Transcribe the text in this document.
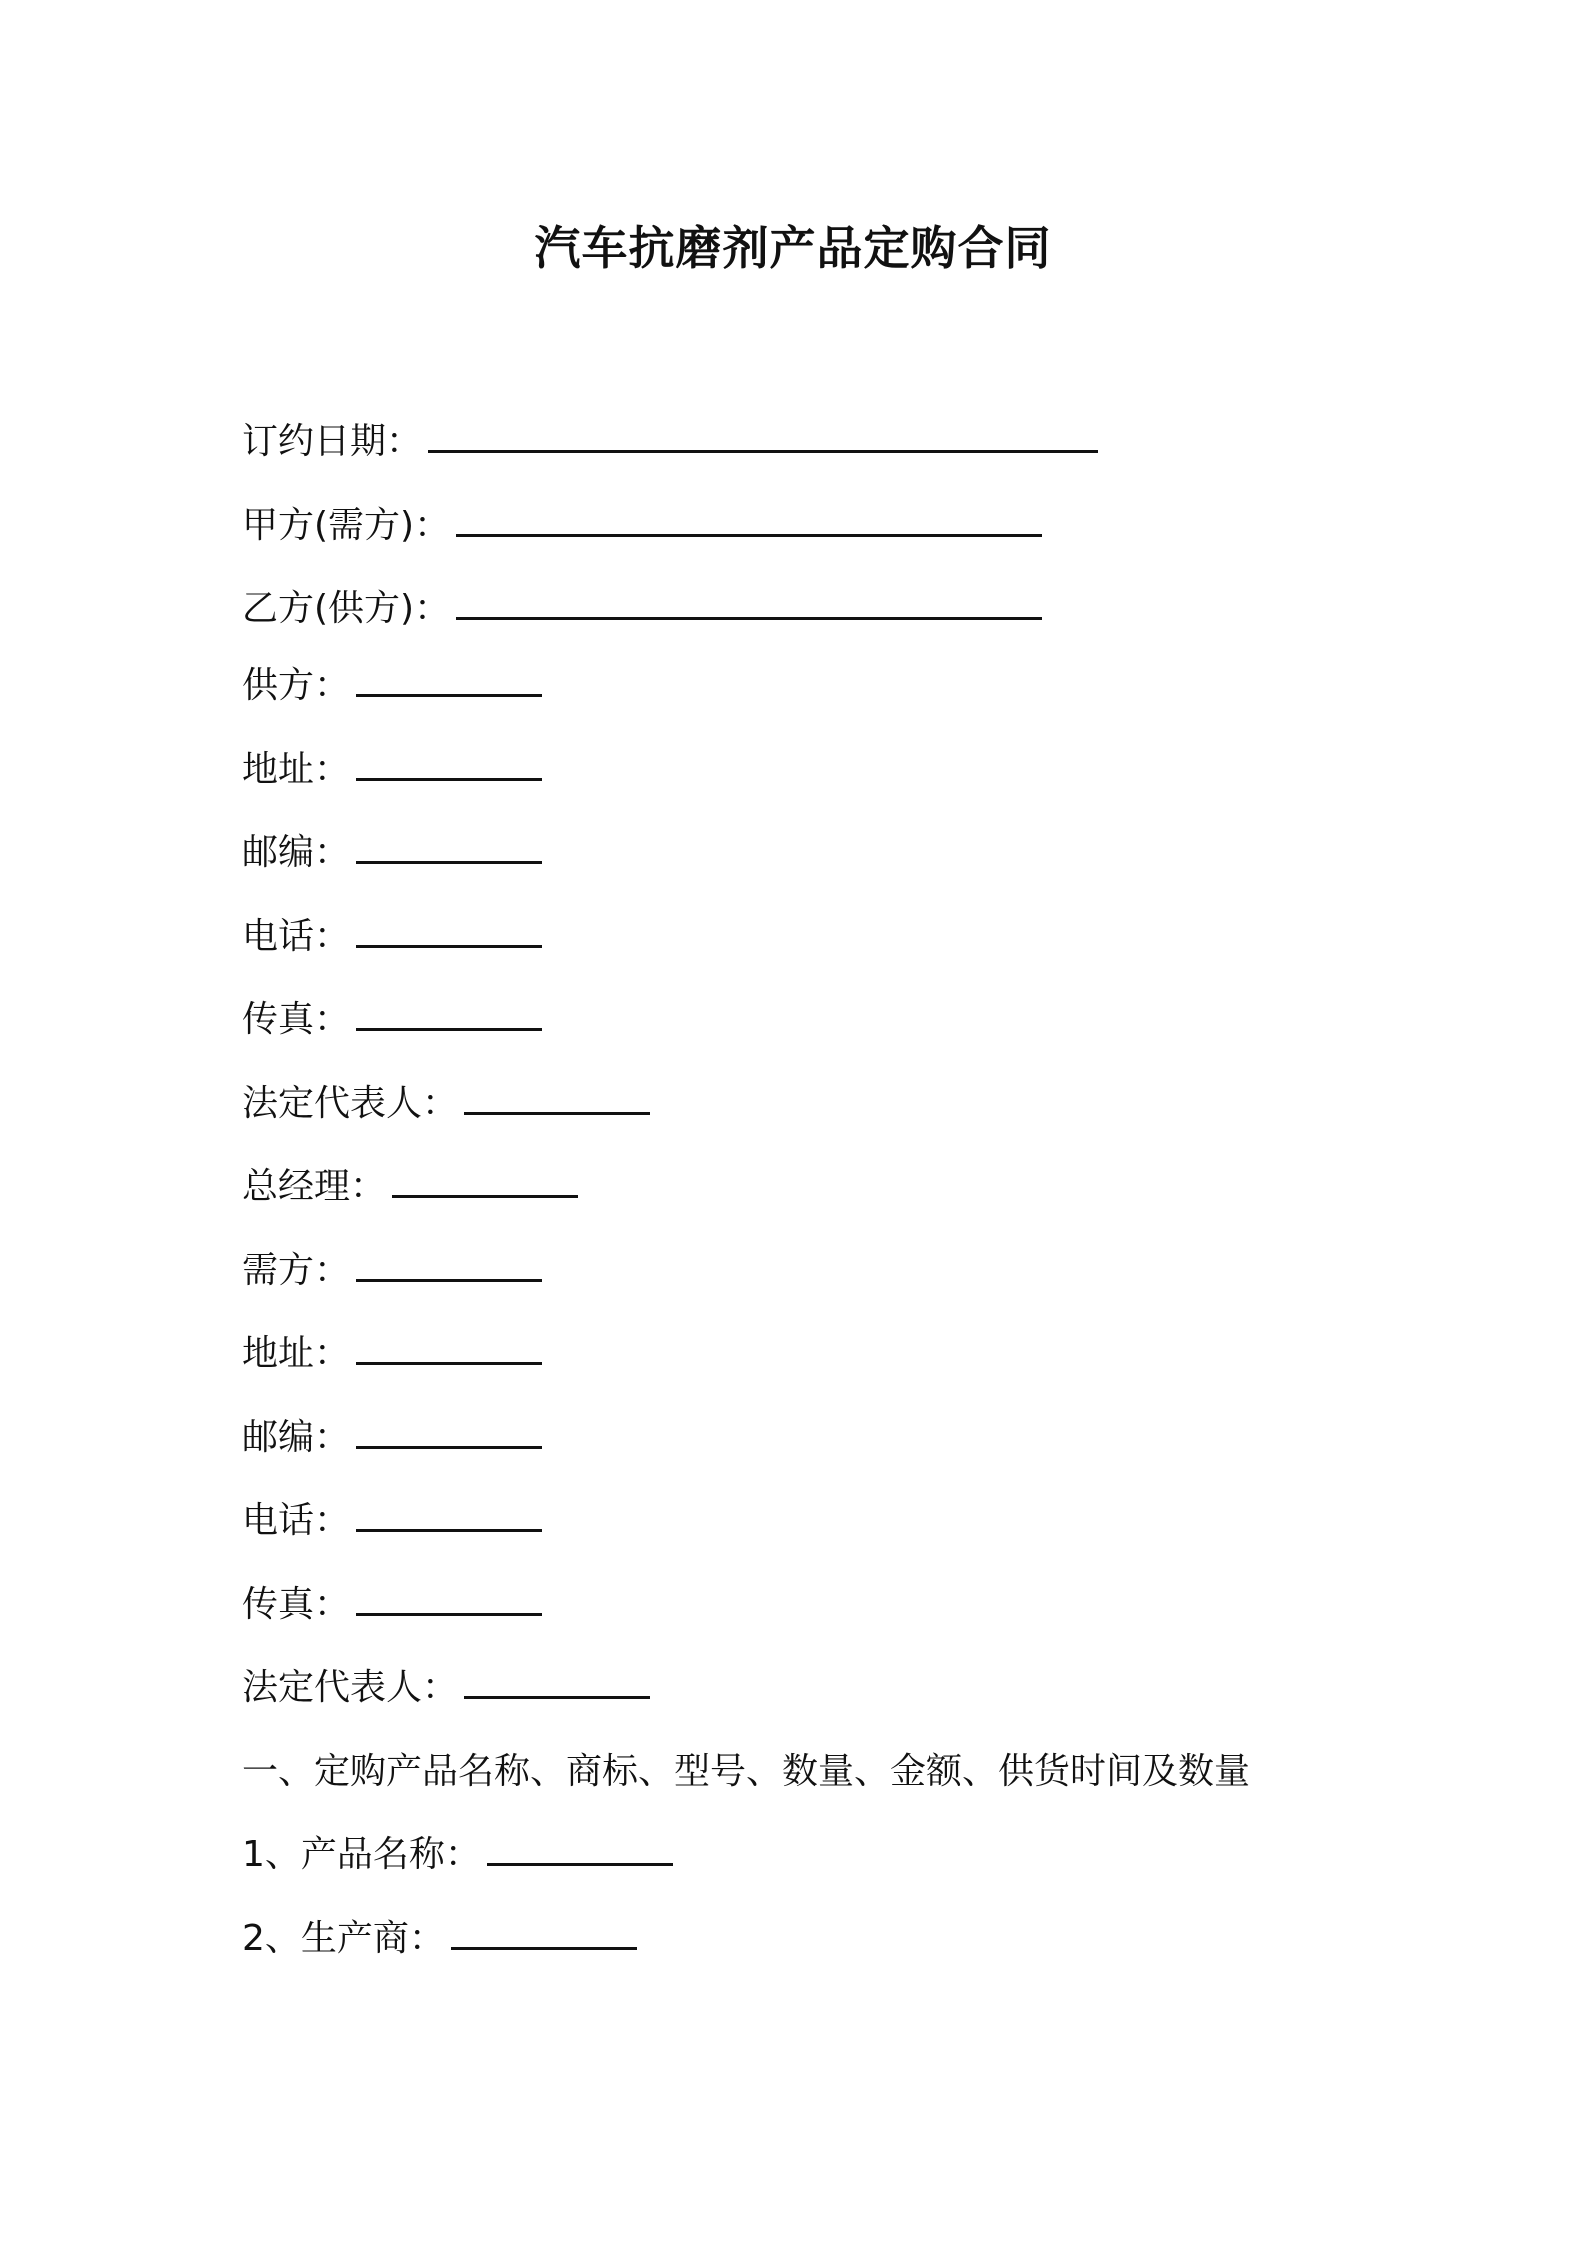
汽车抗磨剂产品定购合同
订约日期：
甲方(需方)：
乙方(供方)：
供方：
地址：
邮编：
电话：
传真：
法定代表人：
总经理：
需方：
地址：
邮编：
电话：
传真：
法定代表人：
一、定购产品名称、商标、型号、数量、金额、供货时间及数量
1、产品名称：
2、生产商：
